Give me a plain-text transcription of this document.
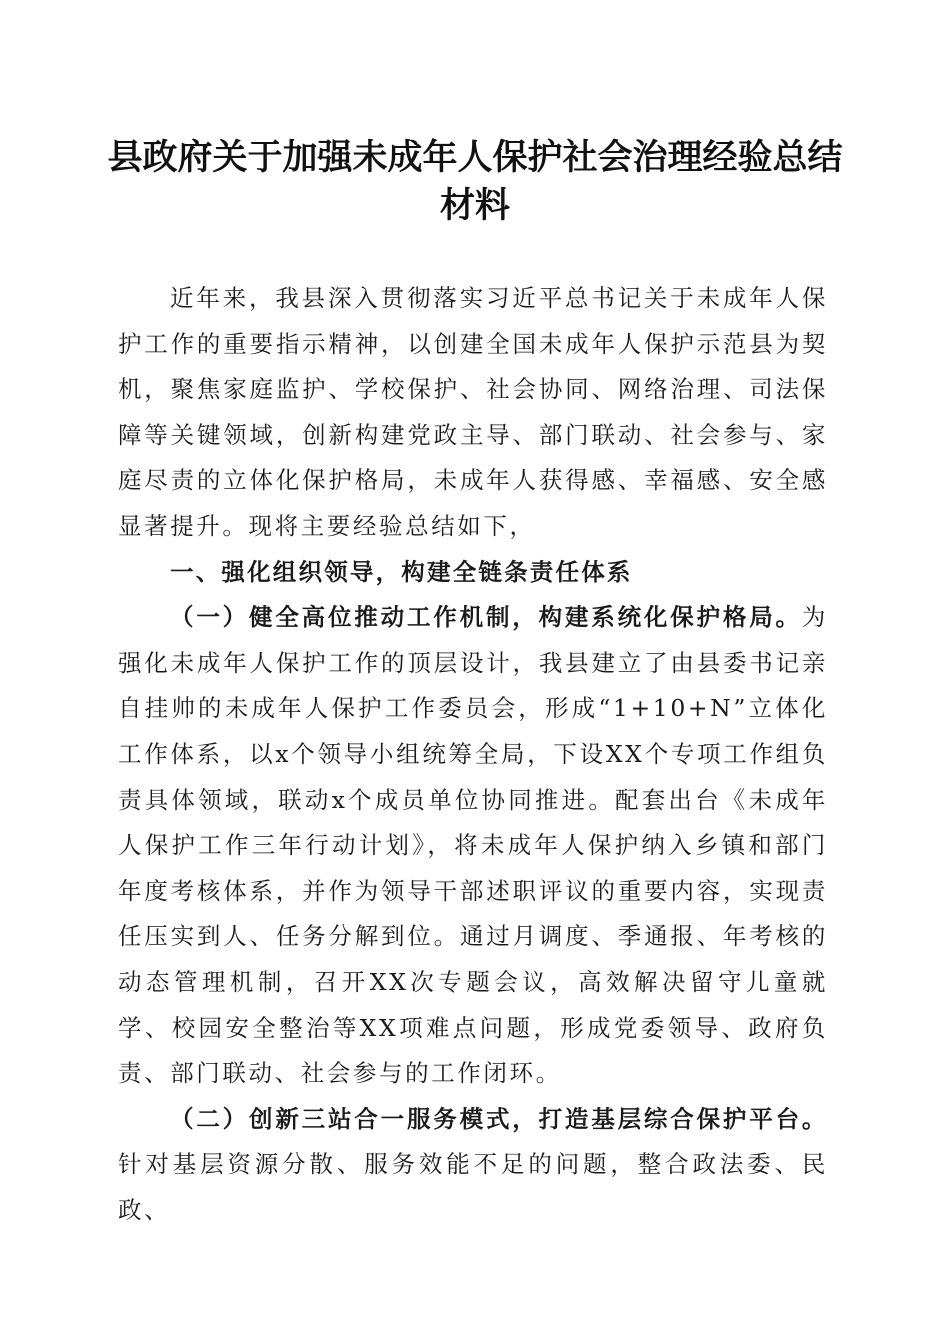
县政府关于加强未成年人保护社会治理经验总结材料

近年来，我县深入贯彻落实习近平总书记关于未成年人保护工作的重要指示精神，以创建全国未成年人保护示范县为契机，聚焦家庭监护、学校保护、社会协同、网络治理、司法保障等关键领域，创新构建党政主导、部门联动、社会参与、家庭尽责的立体化保护格局，未成年人获得感、幸福感、安全感显著提升。现将主要经验总结如下，

一、强化组织领导，构建全链条责任体系

（一）健全高位推动工作机制，构建系统化保护格局。为强化未成年人保护工作的顶层设计，我县建立了由县委书记亲自挂帅的未成年人保护工作委员会，形成“1+10+N”立体化工作体系，以x个领导小组统筹全局，下设XX个专项工作组负责具体领域，联动x个成员单位协同推进。配套出台《未成年人保护工作三年行动计划》，将未成年人保护纳入乡镇和部门年度考核体系，并作为领导干部述职评议的重要内容，实现责任压实到人、任务分解到位。通过月调度、季通报、年考核的动态管理机制，召开XX次专题会议，高效解决留守儿童就学、校园安全整治等XX项难点问题，形成党委领导、政府负责、部门联动、社会参与的工作闭环。

（二）创新三站合一服务模式，打造基层综合保护平台。针对基层资源分散、服务效能不足的问题，整合政法委、民政、
